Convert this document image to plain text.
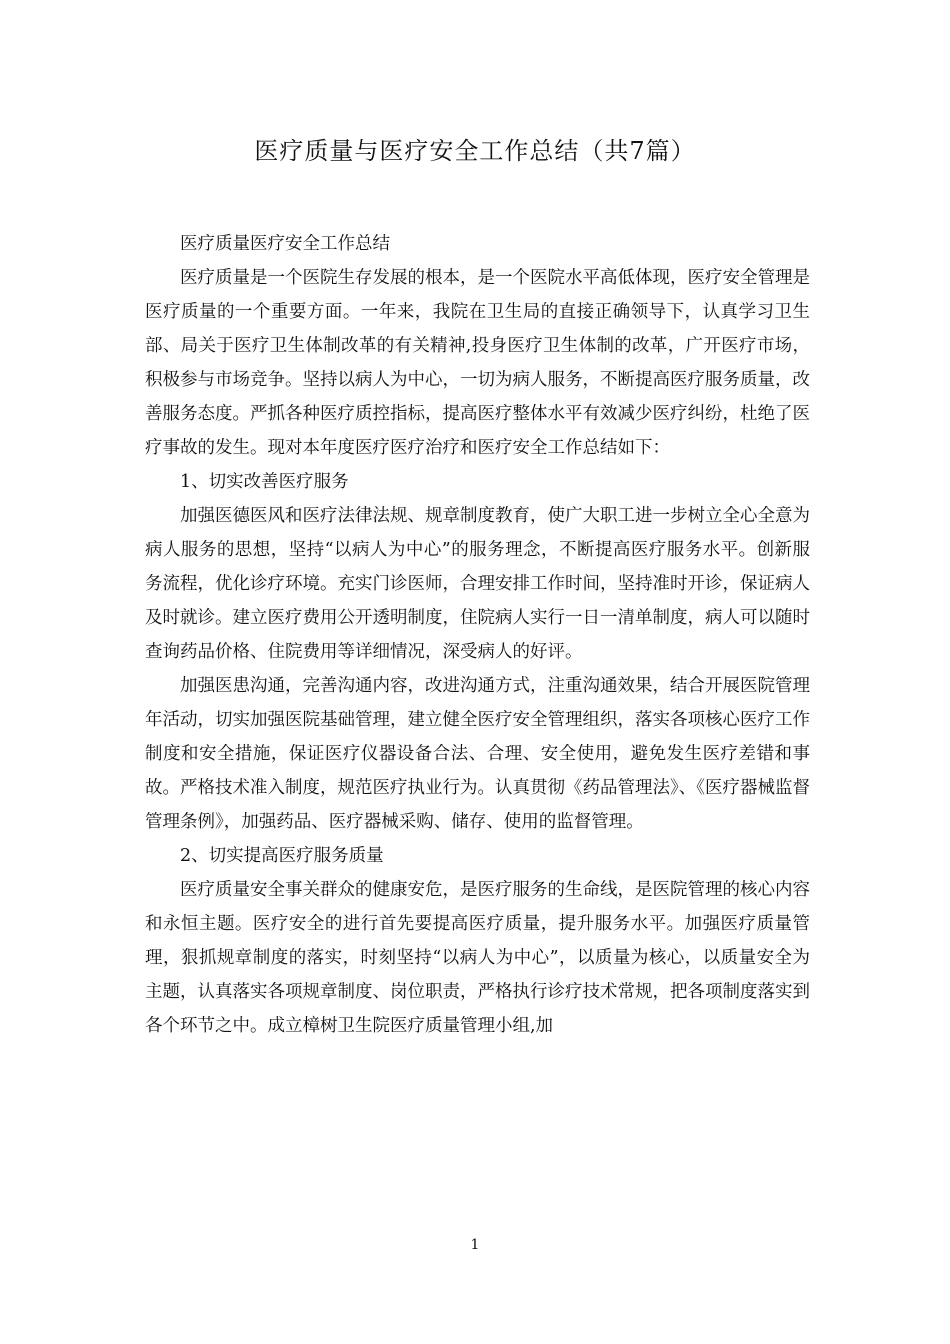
医疗质量与医疗安全工作总结（共7篇）

医疗质量医疗安全工作总结

医疗质量是一个医院生存发展的根本，是一个医院水平高低体现，医疗安全管理是医疗质量的一个重要方面。一年来，我院在卫生局的直接正确领导下，认真学习卫生部、局关于医疗卫生体制改革的有关精神,投身医疗卫生体制的改革，广开医疗市场，积极参与市场竞争。坚持以病人为中心，一切为病人服务，不断提高医疗服务质量，改善服务态度。严抓各种医疗质控指标，提高医疗整体水平有效减少医疗纠纷，杜绝了医疗事故的发生。现对本年度医疗医疗治疗和医疗安全工作总结如下：

1、切实改善医疗服务

加强医德医风和医疗法律法规、规章制度教育，使广大职工进一步树立全心全意为病人服务的思想，坚持“以病人为中心”的服务理念，不断提高医疗服务水平。创新服务流程，优化诊疗环境。充实门诊医师，合理安排工作时间，坚持准时开诊，保证病人及时就诊。建立医疗费用公开透明制度，住院病人实行一日一清单制度，病人可以随时查询药品价格、住院费用等详细情况，深受病人的好评。

加强医患沟通，完善沟通内容，改进沟通方式，注重沟通效果，结合开展医院管理年活动，切实加强医院基础管理，建立健全医疗安全管理组织，落实各项核心医疗工作制度和安全措施，保证医疗仪器设备合法、合理、安全使用，避免发生医疗差错和事故。严格技术准入制度，规范医疗执业行为。认真贯彻《药品管理法》、《医疗器械监督管理条例》，加强药品、医疗器械采购、储存、使用的监督管理。

2、切实提高医疗服务质量

医疗质量安全事关群众的健康安危，是医疗服务的生命线，是医院管理的核心内容和永恒主题。医疗安全的进行首先要提高医疗质量，提升服务水平。加强医疗质量管理，狠抓规章制度的落实，时刻坚持“以病人为中心”，以质量为核心，以质量安全为主题，认真落实各项规章制度、岗位职责，严格执行诊疗技术常规，把各项制度落实到各个环节之中。成立樟树卫生院医疗质量管理小组,加

1
